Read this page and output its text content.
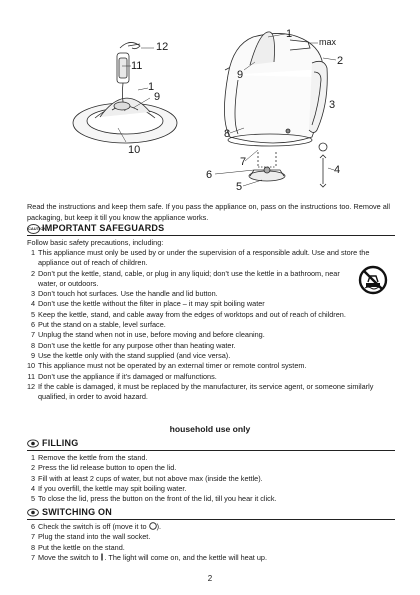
12
11
1
9
10
1
max
2
9
3
8
7
6
5
4
Read the instructions and keep them safe. If you pass the appliance on, pass on the instructions too. Remove all packaging, but keep it till you know the appliance works.
CAUTION
IMPORTANT SAFEGUARDS
Follow basic safety precautions, including:
1 This appliance must only be used by or under the supervision of a responsible adult. Use and store the appliance out of reach of children.
2 Don’t put the kettle, stand, cable, or plug in any liquid; don’t use the kettle in a bathroom, near water, or outdoors.
3 Don’t touch hot surfaces. Use the handle and lid button.
4 Don’t use the kettle without the filter in place – it may spit boiling water
5 Keep the kettle, stand, and cable away from the edges of worktops and out of reach of children.
6 Put the stand on a stable, level surface.
7 Unplug the stand when not in use, before moving and before cleaning.
8 Don’t use the kettle for any purpose other than heating water.
9 Use the kettle only with the stand supplied (and vice versa).
10 This appliance must not be operated by an external timer or remote control system.
11 Don’t use the appliance if it’s damaged or malfunctions.
12 If the cable is damaged, it must be replaced by the manufacturer, its service agent, or someone similarly qualified, in order to avoid hazard.
household use only
FILLING
1 Remove the kettle from the stand.
2 Press the lid release button to open the lid.
3 Fill with at least 2 cups of water, but not above max (inside the kettle).
4 If you overfill, the kettle may spit boiling water.
5 To close the lid, press the button on the front of the lid, till you hear it click.
SWITCHING ON
6 Check the switch is off (move it to ).
7 Plug the stand into the wall socket.
8 Put the kettle on the stand.
7 Move the switch to . The light will come on, and the kettle will heat up.
2
